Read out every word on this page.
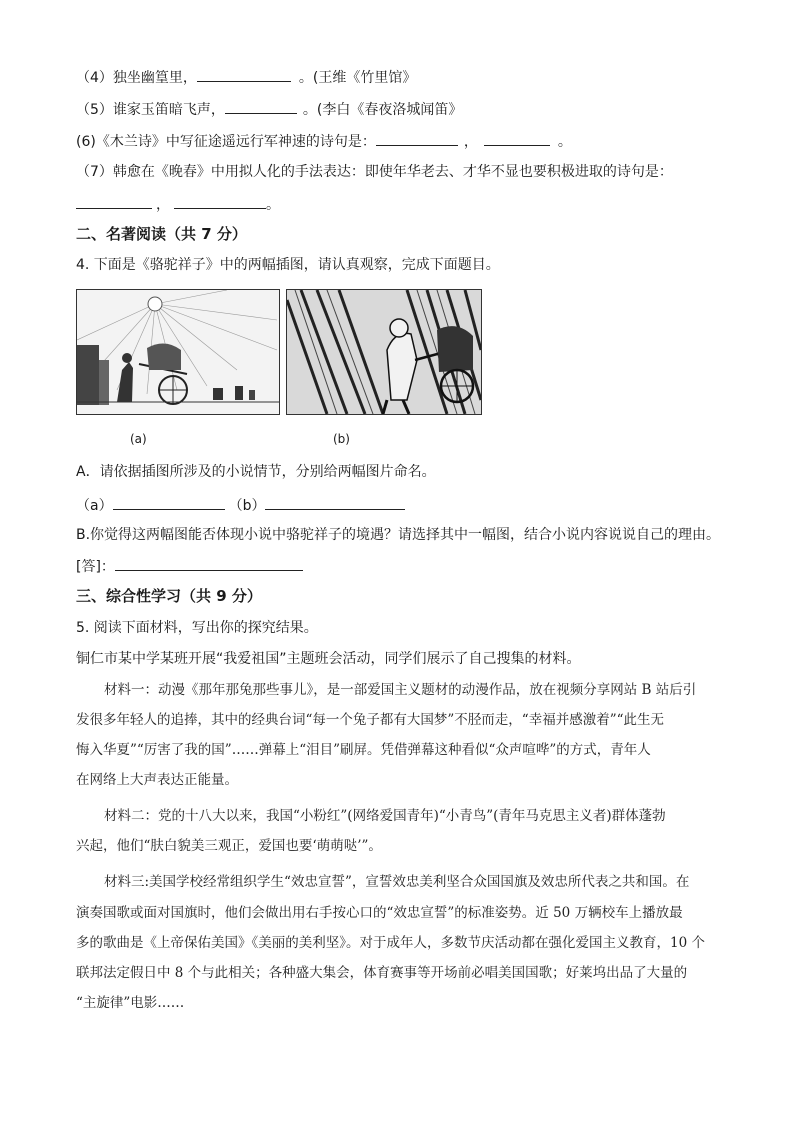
（4）独坐幽篁里，	。(王维《竹里馆》
（5）谁家玉笛暗飞声，	。(李白《春夜洛城闻笛》
(6)《木兰诗》中写征途遥远行军神速的诗句是：	，	。
（7）韩愈在《晚春》中用拟人化的手法表达：即使年华老去、才华不显也要积极进取的诗句是：
，	。
二、名著阅读（共 7 分）
4. 下面是《骆驼祥子》中的两幅插图，请认真观察，完成下面题目。
(a)	(b)
A．请依据插图所涉及的小说情节，分别给两幅图片命名。
（a）	（b）
B.你觉得这两幅图能否体现小说中骆驼祥子的境遇？请选择其中一幅图，结合小说内容说说自己的理由。
[答]：
三、综合性学习（共 9 分）
5. 阅读下面材料，写出你的探究结果。
铜仁市某中学某班开展“我爱祖国”主题班会活动，同学们展示了自己搜集的材料。
材料一：动漫《那年那兔那些事儿》，是一部爱国主义题材的动漫作品，放在视频分享网站 B 站后引
发很多年轻人的追捧，其中的经典台词“每一个兔子都有大国梦”不胫而走，“幸福并感激着”“此生无
悔入华夏”“厉害了我的国”……弹幕上“泪目”刷屏。凭借弹幕这种看似“众声喧哗”的方式，青年人
在网络上大声表达正能量。
材料二：党的十八大以来，我国“小粉红”(网络爱国青年)“小青鸟”(青年马克思主义者)群体蓬勃
兴起，他们“肤白貌美三观正，爱国也要‘萌萌哒’”。
材料三:美国学校经常组织学生“效忠宣誓”，宣誓效忠美利坚合众国国旗及效忠所代表之共和国。在
演奏国歌或面对国旗时，他们会做出用右手按心口的“效忠宣誓”的标准姿势。近 50 万辆校车上播放最
多的歌曲是《上帝保佑美国》《美丽的美利坚》。对于成年人，多数节庆活动都在强化爱国主义教育，10 个
联邦法定假日中 8 个与此相关；各种盛大集会，体育赛事等开场前必唱美国国歌；好莱坞出品了大量的
“主旋律”电影……
